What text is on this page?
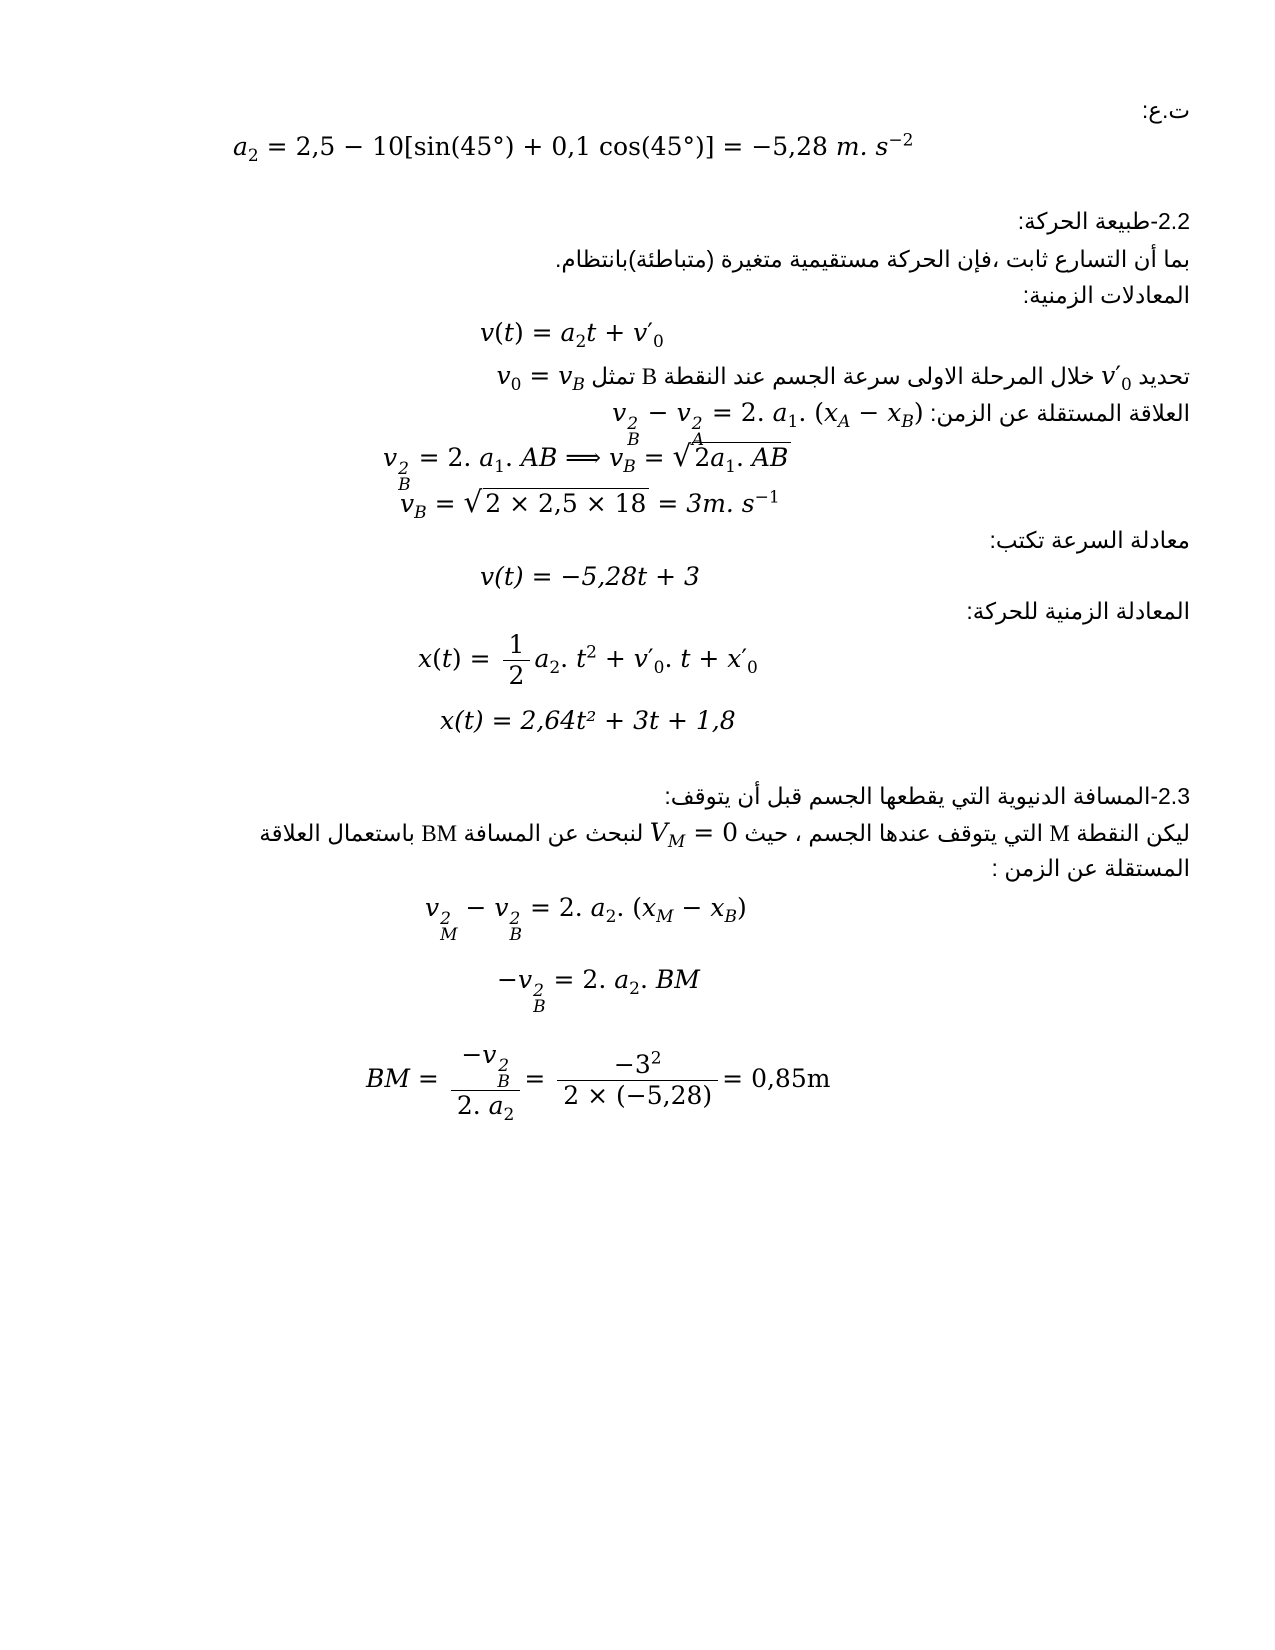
ت.ع:
$a_2 = 2,5 - 10[\sin(45^\circ) + 0,1$ cos(45°)] = −5,28 m. $s^{-2}$
2.2-طبيعة الحركة:
بما أن التسارع ثابت ،فإن الحركة مستقيمية متغيرة (متباطئة)بانتظام.
المعادلات الزمنية:
$v(t) = a_2t + v'_0$
تحديد $v'_0$ خلال المرحلة الاولى سرعة الجسم عند النقطة B تمثل $v_0 = v_B$
العلاقة المستقلة عن الزمن: v 2
B
− v 2
A
= 2. $a_1$. $(x_A - x_B)$
v 2
B
= 2. $a_1$. AB ⟹ $v_B$ = √ $2a_1$. AB
$v_B$ = √ 2 × 2,5 × 18 = 3m. $s^{-1}$
معادلة السرعة تكتب:
v(t) = −5,28t + 3
المعادلة الزمنية للحركة:
$x(t) = \frac{1}{2} a_2$. $t^2 + v'_0$. $t + x'_0$
x(t) = 2,64t² + 3t + 1,8
2.3-المسافة الدنيوية التي يقطعها الجسم قبل أن يتوقف:
ليكن النقطة M التي يتوقف عندها الجسم ، حيث $V_M = 0$ لنبحث عن المسافة BM باستعمال العلاقة
المستقلة عن الزمن :
v 2
M
− v 2
B
= 2. $a_2$. $(x_M - x_B)$
−v 2
B
= 2. $a_2$. BM
BM = −v 2
B
2. $a_2 = \frac{-3^2}{2 \times (-5,28)} = 0,85m$
